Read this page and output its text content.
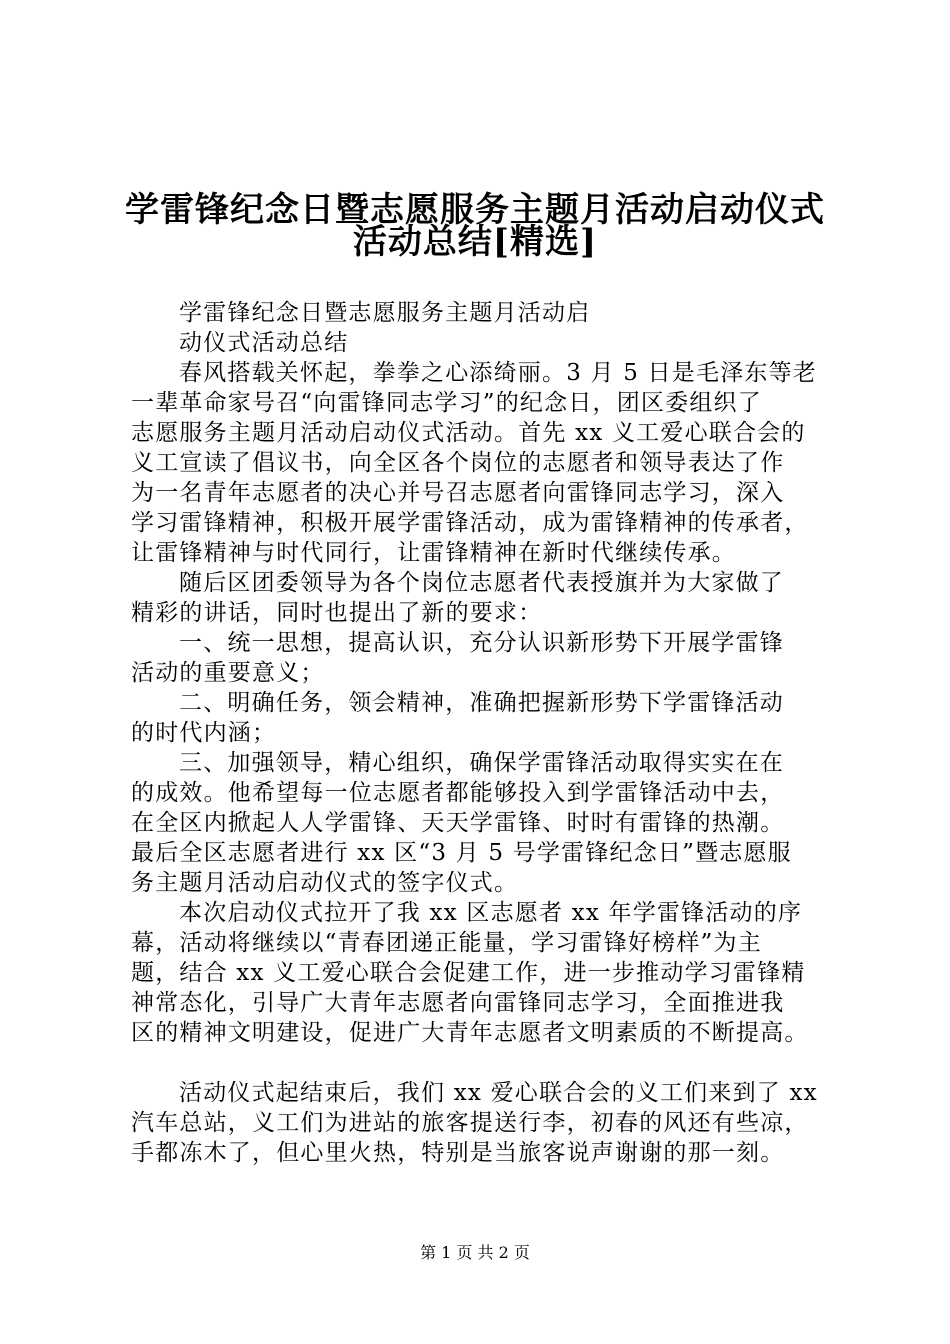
学雷锋纪念日暨志愿服务主题月活动启动仪式
活动总结[精选]
学雷锋纪念日暨志愿服务主题月活动启
动仪式活动总结
春风搭载关怀起，拳拳之心添绮丽。3 月 5 日是毛泽东等老
一辈革命家号召“向雷锋同志学习”的纪念日，团区委组织了
志愿服务主题月活动启动仪式活动。首先 xx 义工爱心联合会的
义工宣读了倡议书，向全区各个岗位的志愿者和领导表达了作
为一名青年志愿者的决心并号召志愿者向雷锋同志学习，深入
学习雷锋精神，积极开展学雷锋活动，成为雷锋精神的传承者，
让雷锋精神与时代同行，让雷锋精神在新时代继续传承。
随后区团委领导为各个岗位志愿者代表授旗并为大家做了
精彩的讲话，同时也提出了新的要求：
一、统一思想，提高认识，充分认识新形势下开展学雷锋
活动的重要意义；
二、明确任务，领会精神，准确把握新形势下学雷锋活动
的时代内涵；
三、加强领导，精心组织，确保学雷锋活动取得实实在在
的成效。他希望每一位志愿者都能够投入到学雷锋活动中去，
在全区内掀起人人学雷锋、天天学雷锋、时时有雷锋的热潮。
最后全区志愿者进行 xx 区“3 月 5 号学雷锋纪念日”暨志愿服
务主题月活动启动仪式的签字仪式。
本次启动仪式拉开了我 xx 区志愿者 xx 年学雷锋活动的序
幕，活动将继续以“青春团递正能量，学习雷锋好榜样”为主
题，结合 xx 义工爱心联合会促建工作，进一步推动学习雷锋精
神常态化，引导广大青年志愿者向雷锋同志学习，全面推进我
区的精神文明建设，促进广大青年志愿者文明素质的不断提高。
活动仪式起结束后，我们 xx 爱心联合会的义工们来到了 xx
汽车总站，义工们为进站的旅客提送行李，初春的风还有些凉，
手都冻木了，但心里火热，特别是当旅客说声谢谢的那一刻。
第 1 页 共 2 页
